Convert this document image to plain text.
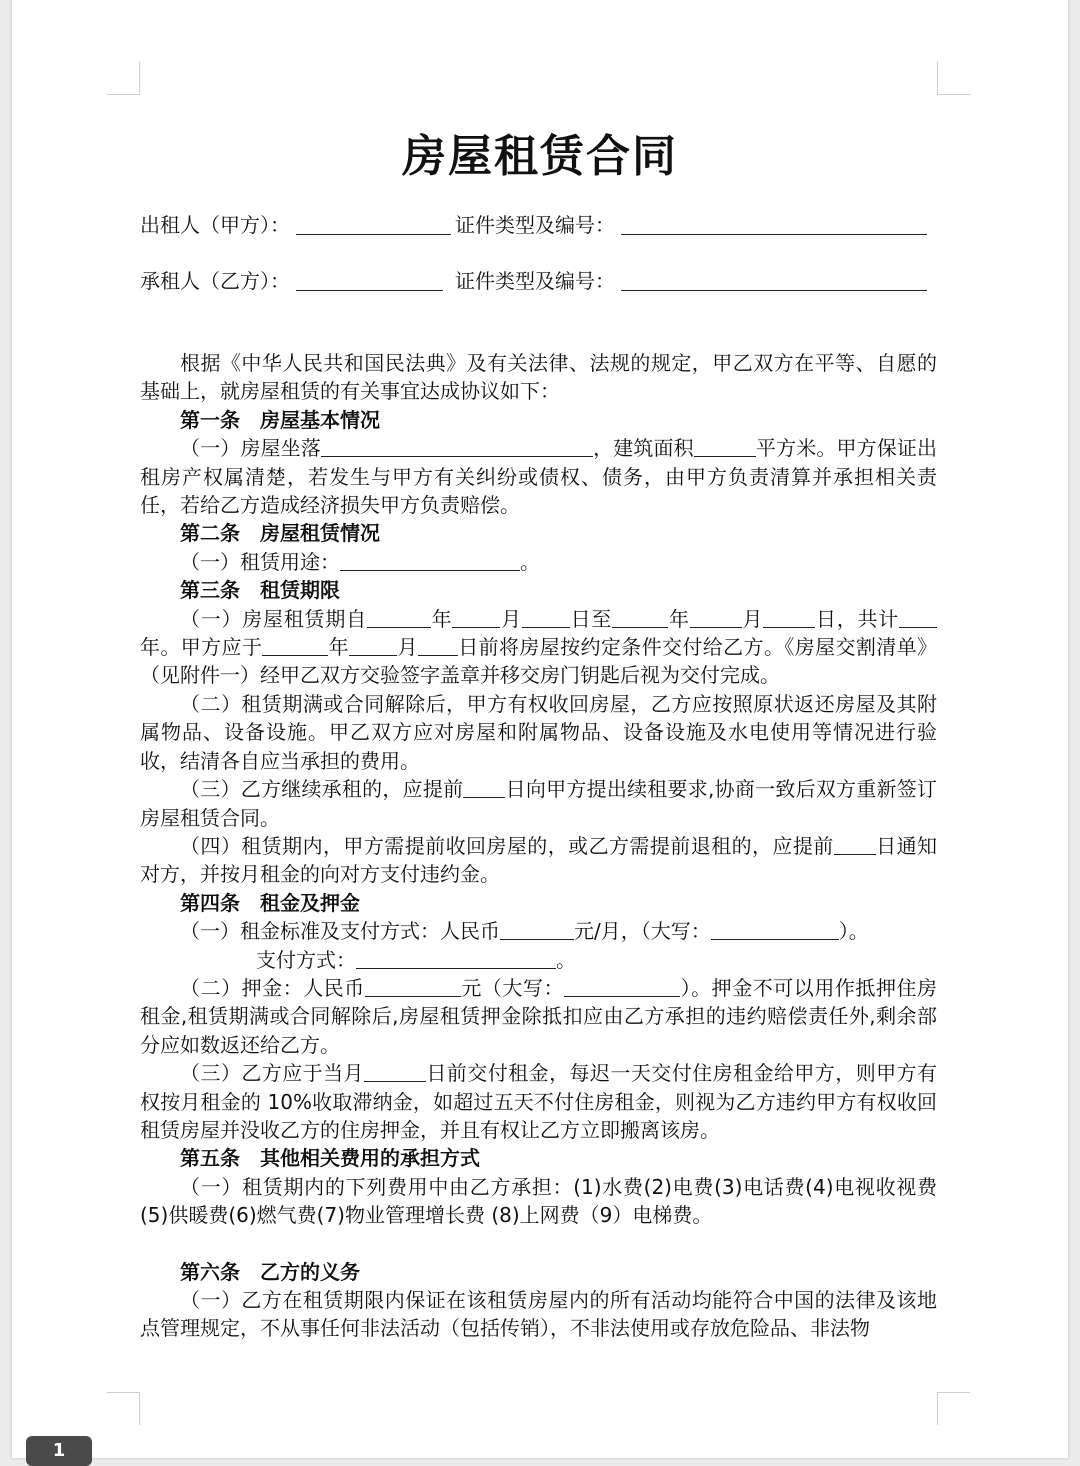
房屋租赁合同
出租人（甲方）：	证件类型及编号：
承租人（乙方）：	证件类型及编号：

根据《中华人民共和国民法典》及有关法律、法规的规定，甲乙双方在平等、自愿的基础上，就房屋租赁的有关事宜达成协议如下：

第一条　房屋基本情况

（一）房屋坐落	，建筑面积	平方米。甲方保证出租房产权属清楚，若发生与甲方有关纠纷或债权、债务，由甲方负责清算并承担相关责任，若给乙方造成经济损失甲方负责赔偿。

第二条　房屋租赁情况

（一）租赁用途：	。

第三条　租赁期限

（一）房屋租赁期自	年 月 日至	年	月	日，共计年。甲方应于	年 月 日前将房屋按约定条件交付给乙方。《房屋交割清单》（见附件一）经甲乙双方交验签字盖章并移交房门钥匙后视为交付完成。

（二）租赁期满或合同解除后，甲方有权收回房屋，乙方应按照原状返还房屋及其附属物品、设备设施。甲乙双方应对房屋和附属物品、设备设施及水电使用等情况进行验收，结清各自应当承担的费用。

（三）乙方继续承租的，应提前 日向甲方提出续租要求,协商一致后双方重新签订房屋租赁合同。

（四）租赁期内，甲方需提前收回房屋的，或乙方需提前退租的，应提前 日通知对方，并按月租金的向对方支付违约金。

第四条　租金及押金

（一）租金标准及支付方式：人民币	元/月，（大写：	）。

支付方式：	。

（二）押金：人民币	元（大写：	）。押金不可以用作抵押住房租金,租赁期满或合同解除后,房屋租赁押金除抵扣应由乙方承担的违约赔偿责任外,剩余部分应如数返还给乙方。

（三）乙方应于当月	日前交付租金，每迟一天交付住房租金给甲方，则甲方有权按月租金的 10%收取滞纳金，如超过五天不付住房租金，则视为乙方违约甲方有权收回租赁房屋并没收乙方的住房押金，并且有权让乙方立即搬离该房。

第五条　其他相关费用的承担方式

（一）租赁期内的下列费用中由乙方承担：(1)水费(2)电费(3)电话费(4)电视收视费(5)供暖费(6)燃气费(7)物业管理增长费 (8)上网费（9）电梯费。

第六条　乙方的义务

（一）乙方在租赁期限内保证在该租赁房屋内的所有活动均能符合中国的法律及该地点管理规定，不从事任何非法活动（包括传销），不非法使用或存放危险品、非法物

1
